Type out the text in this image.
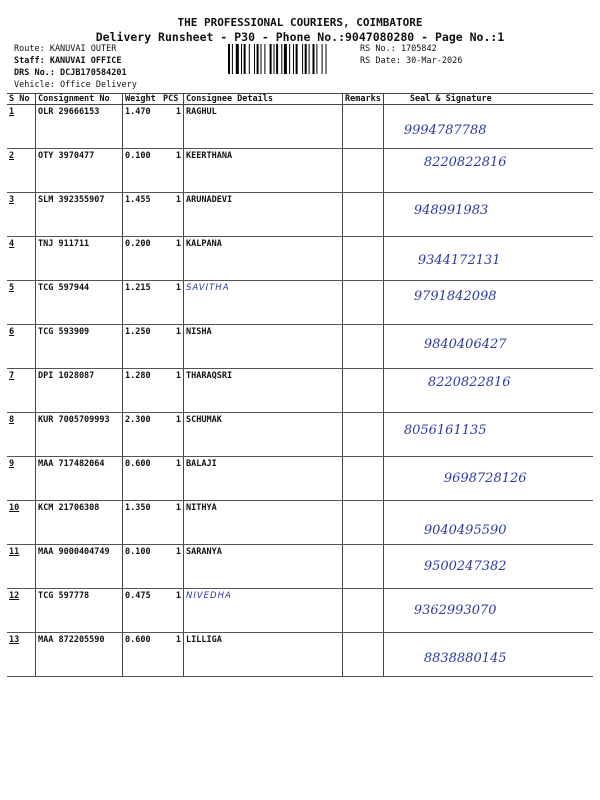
THE PROFESSIONAL COURIERS, COIMBATORE
Delivery Runsheet - P30 - Phone No.:9047080280 - Page No.:1
Route: KANUVAI OUTER
Staff: KANUVAI OFFICE
DRS No.: DCJB170584201
Vehicle: Office Delivery
RS No.: 1705842
RS Date: 30-Mar-2026
S No	Consignment No	Weight	PCS	Consignee Details	Remarks	Seal & Signature
1	OLR 29666153	1.470	1	RAGHUL		9994787788

2	OTY 3970477	0.100	1	KEERTHANA		8220822816

3	SLM 392355907	1.455	1	ARUNADEVI		948991983

4	TNJ 911711	0.200	1	KALPANA		9344172131

5	TCG 597944	1.215	1	SAVITHA		9791842098

6	TCG 593909	1.250	1	NISHA		9840406427

7	DPI 1028087	1.280	1	THARAQSRI		8220822816

8	KUR 7005709993	2.300	1	SCHUMAK		8056161135

9	MAA 717482064	0.600	1	BALAJI		9698728126

10	KCM 21706308	1.350	1	NITHYA		9040495590

11	MAA 9000404749	0.100	1	SARANYA		9500247382

12	TCG 597778	0.475	1	NIVEDHA		9362993070

13	MAA 872205590	0.600	1	LILLIGA		8838880145
